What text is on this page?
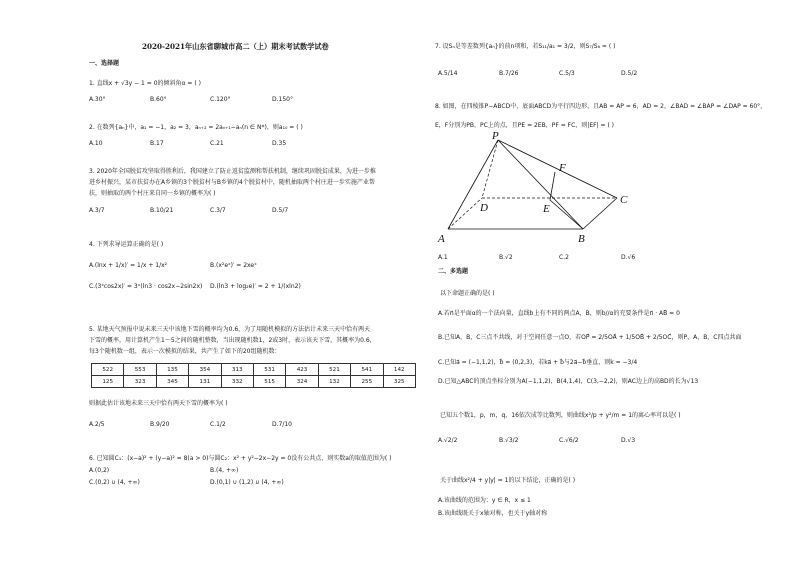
2020-2021年山东省聊城市高二（上）期末考试数学试卷
一、选择题
1. 直线x + √3y − 1 = 0的倾斜角α = ( )
A.30°	B.60°	C.120°	D.150°
2. 在数列{aₙ}中，a₁ = −1，a₂ = 3，aₙ₊₂ = 2aₙ₊₁−aₙ(n ∈ N*)，则a₁₀ = ( )
A.10	B.17	C.21	D.35
3. 2020年全国脱贫攻坚取得胜利后，我国建立了防止返贫监测和帮扶机制，继续巩固脱贫成果，为进一步推
进乡村振兴，某市扶贫办在A乡镇的3个脱贫村与B乡镇的4个脱贫村中，随机抽取两个村庄进一步实施产业帮
扶，则抽取的两个村庄来自同一乡镇的概率为( )
A.3/7	B.10/21	C.3/7	D.5/7
4. 下列求导运算正确的是( )
A.(lnx + 1/x)′ = 1/x + 1/x²	B.(x²eˣ)′ = 2xeˣ
C.(3ˣcos2x)′ = 3ˣ(ln3 · cos2x−2sin2x) D.(ln3 + log₂e)′ = 2 + 1/(xln2)
5. 某地天气预报中说未来三天中该地下雪的概率均为0.6，为了用随机模拟的方法估计未来三天中恰有两天
下雪的概率，用计算机产生1～5之间的随机整数，当出现随机数1，2或3时，表示该天下雪，其概率为0.6，
每3个随机数一组，表示一次模拟的结果，共产生了如下的20组随机数：
522	553	135	354	313	531	423	521	541	142
125	323	345	131	332	515	324	132	255	325
则据此估计该地未来三天中恰有两天下雪的概率为( )
A.2/5	B.9/20	C.1/2	D.7/10
6. 已知圆C₁：(x−a)² + (y−a)² = 8(a > 0)与圆C₂：x² + y²−2x−2y = 0没有公共点，则实数a的取值范围为( )
A.(0,2)	B.(4, +∞)
C.(0,2) ∪ (4, +∞)	D.(0,1) ∪ (1,2) ∪ (4, +∞)
7. 设Sₙ是等差数列{aₙ}的前n项和，若S₁₁/a₁ = 3/2，则S₇/S₆ = ( )
A.5/14	B.7/26	C.5/3	D.5/2
8. 如图，在四棱锥P−ABCD中，底面ABCD为平行四边形，且AB = AP = 6，AD = 2，∠BAD = ∠BAP = ∠DAP = 60°，
E，F分别为PB，PC上的点，且PE = 2EB，PF = FC，则|EF| = ( )
P
F
C
D	E
A	B
A.1	B.√2	C.2	D.√6
二、多选题
以下命题正确的是( )
A.若n⃗是平面α的一个法向量，直线b上有不同的两点A，B，则b//α的充要条件是n⃗ · AB⃗ = 0
B.已知A，B，C三点不共线，对于空间任意一点O，若OP⃗ = 2/5OA⃗ + 1/5OB⃗ + 2/5OC⃗，则P，A，B，C四点共面
C.已知a⃗ = (−1,1,2)，b⃗ = (0,2,3)，若ka⃗ + b⃗与2a⃗−b⃗垂直，则k = −3/4
D.已知△ABC的顶点坐标分别为A(−1,1,2)，B(4,1,4)，C(3,−2,2)，则AC边上的高BD的长为√13
已知五个数1，p，m，q，16依次成等比数列，则曲线x²/p + y²/m = 1的离心率可以是( )
A.√2/2	B.√3/2	C.√6/2	D.√3
关于曲线x²/4 + y|y| = 1的以下结论，正确的是( )
A.该曲线的范围为：y ∈ R，x ≤ 1
B.该曲线既关于x轴对称，也关于y轴对称
